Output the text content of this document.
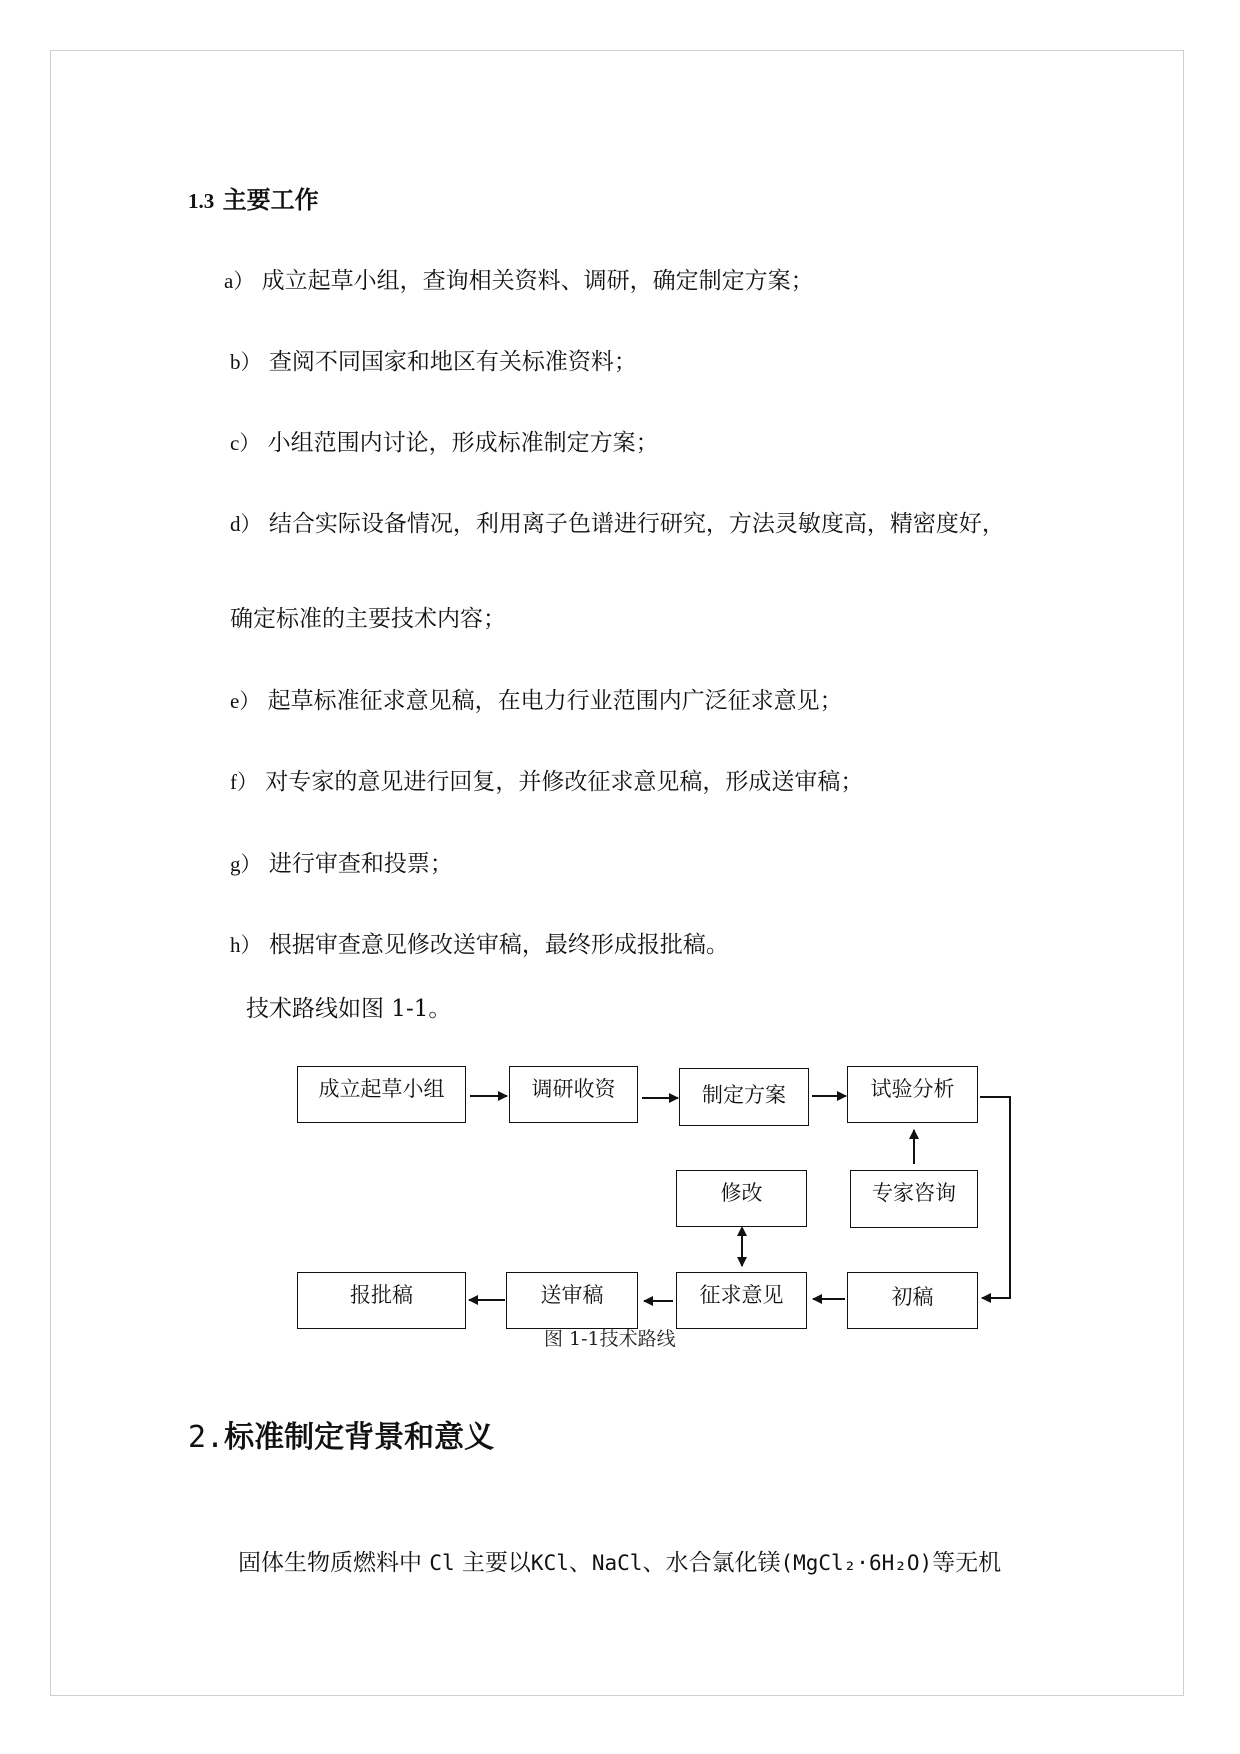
1.3 主要工作
a） 成立起草小组，查询相关资料、调研，确定制定方案；
b） 查阅不同国家和地区有关标准资料；
c） 小组范围内讨论，形成标准制定方案；
d） 结合实际设备情况，利用离子色谱进行研究，方法灵敏度高，精密度好，
确定标准的主要技术内容；
e） 起草标准征求意见稿，在电力行业范围内广泛征求意见；
f） 对专家的意见进行回复，并修改征求意见稿，形成送审稿；
g） 进行审查和投票；
h） 根据审查意见修改送审稿，最终形成报批稿。
技术路线如图 1-1。
成立起草小组	调研收资	制定方案	试验分析
专家咨询
修改
初稿
征求意见
送审稿
报批稿
图 1-1技术路线
2.标准制定背景和意义
固体生物质燃料中 Cl 主要以KCl、NaCl、水合氯化镁(MgCl₂·6H₂O)等无机
